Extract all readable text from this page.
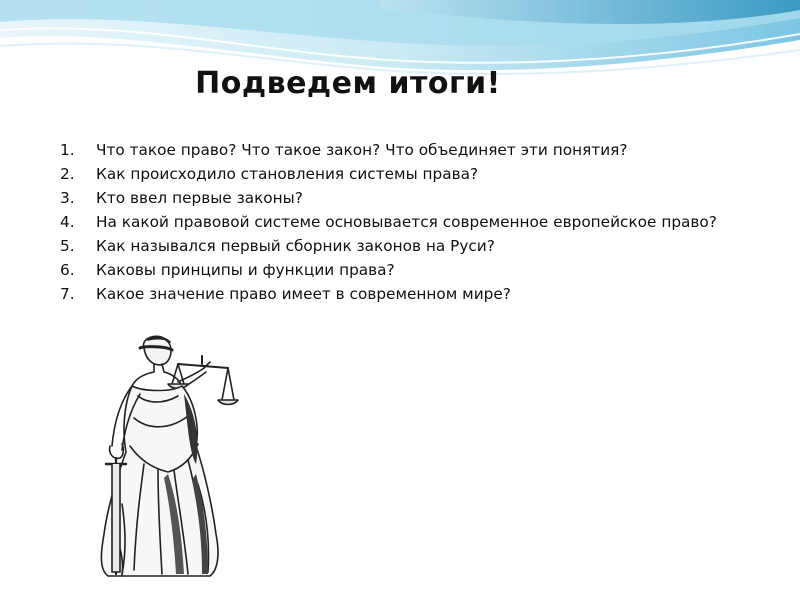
Подведем итоги!
1.	Что такое право? Что такое закон? Что объединяет эти понятия?
2.	Как происходило становления системы права?
3.	Кто ввел первые законы?
4.	На какой правовой системе основывается современное европейское право?
5.	Как назывался первый сборник законов на Руси?
6.	Каковы принципы и функции права?
7.	Какое значение право имеет в современном мире?
